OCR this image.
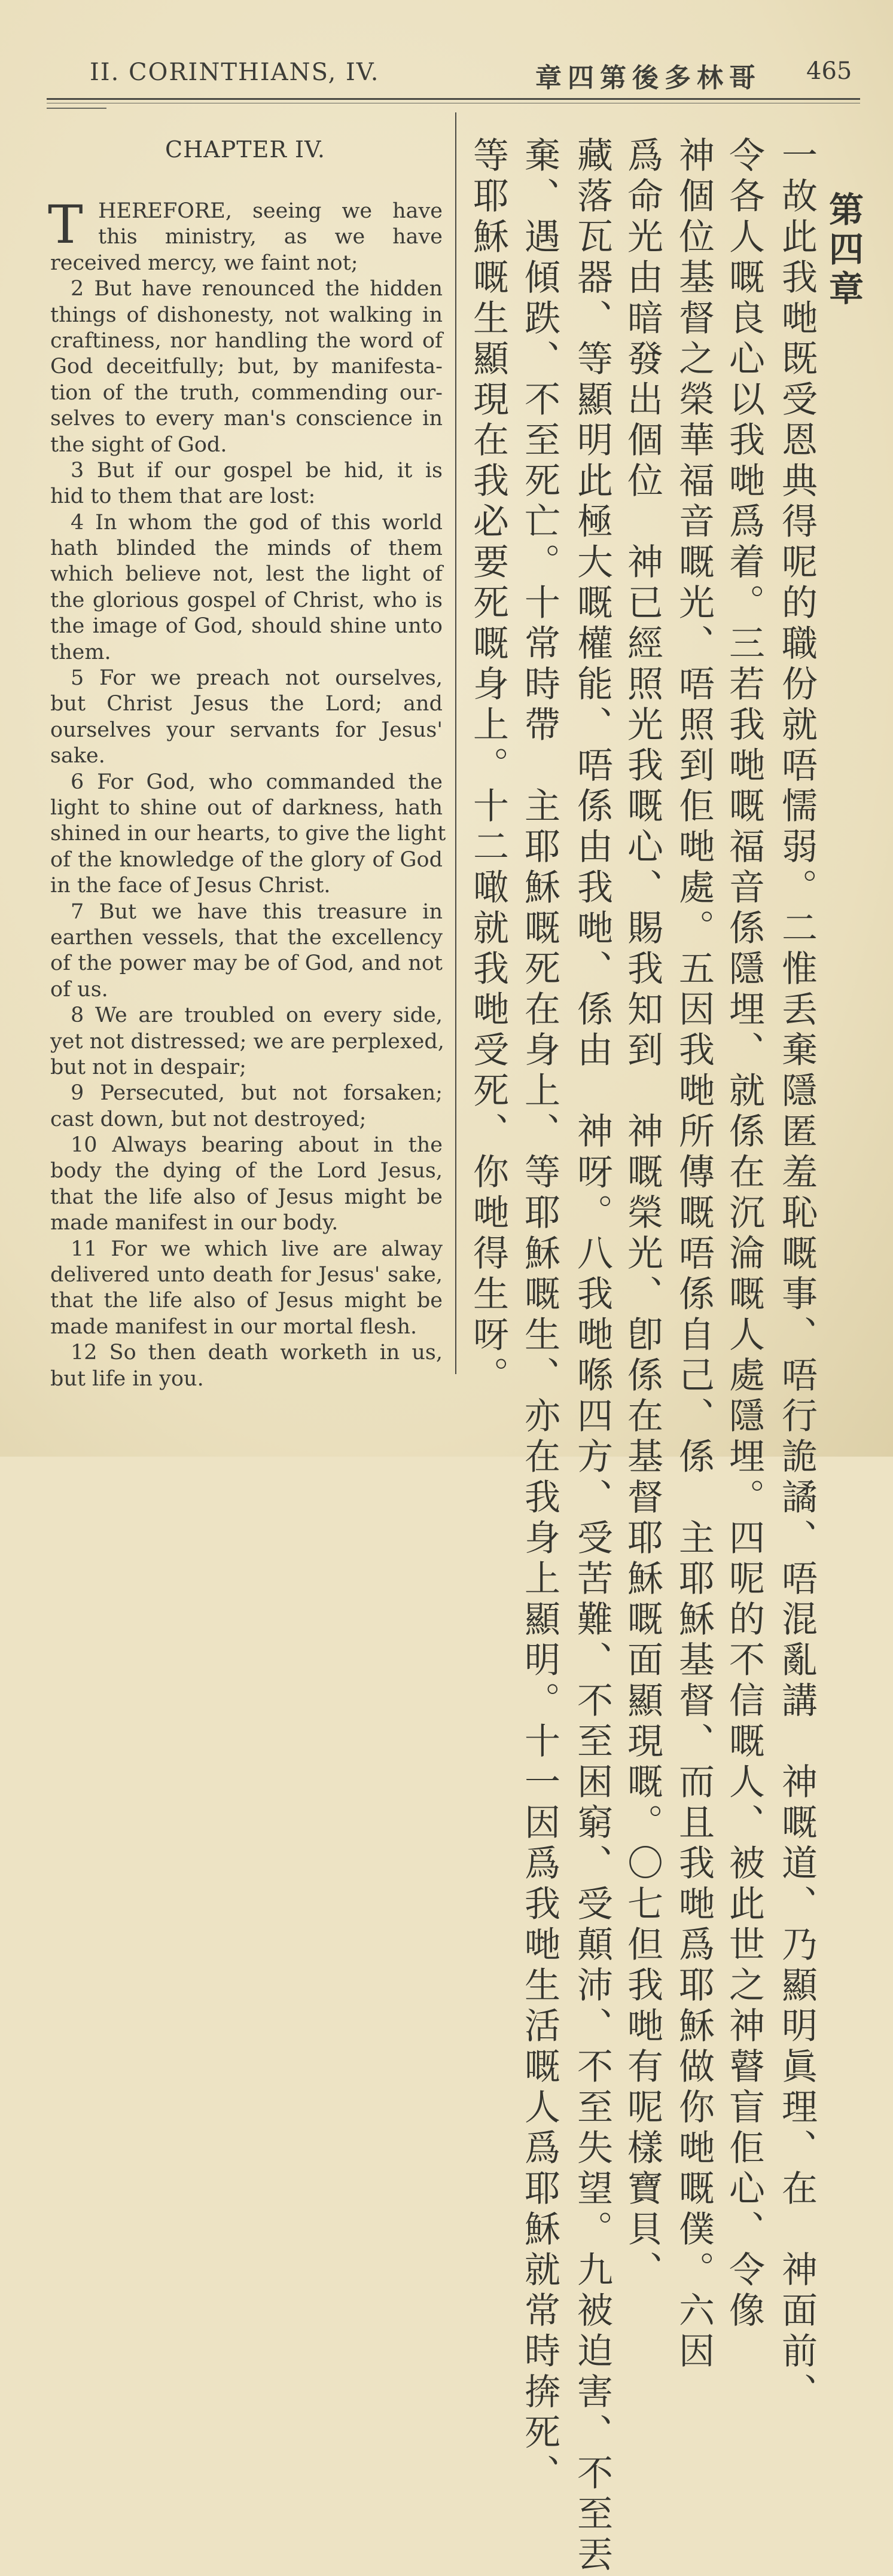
II. CORINTHIANS, IV.	哥林多後第四章 465
CHAPTER IV.
T HEREFORE, seeing we have
this ministry, as we have
received mercy, we faint not;
2 But have renounced the hidden
things of dishonesty, not walking in
craftiness, nor handling the word of
God deceitfully; but, by manifesta-
tion of the truth, commending our-
selves to every man's conscience in
the sight of God.
3 But if our gospel be hid, it is
hid to them that are lost:
4 In whom the god of this world
hath blinded the minds of them
which believe not, lest the light of
the glorious gospel of Christ, who is
the image of God, should shine unto
them.
5 For we preach not ourselves,
but Christ Jesus the Lord; and
ourselves your servants for Jesus'
sake.
6 For God, who commanded the
light to shine out of darkness, hath
shined in our hearts, to give the light
of the knowledge of the glory of God
in the face of Jesus Christ.
7 But we have this treasure in
earthen vessels, that the excellency
of the power may be of God, and not
of us.
8 We are troubled on every side,
yet not distressed; we are perplexed,
but not in despair;
9 Persecuted, but not forsaken;
cast down, but not destroyed;
10 Always bearing about in the
body the dying of the Lord Jesus,
that the life also of Jesus might be
made manifest in our body.
11 For we which live are alway
delivered unto death for Jesus' sake,
that the life also of Jesus might be
made manifest in our mortal flesh.
12 So then death worketh in us,
but life in you.
第四章
一故此我哋既受恩典得呢的職份就唔懦弱。二惟丢棄隱匿羞恥嘅事、唔行詭譎、唔混亂講　神嘅道、乃顯明眞理、在　神面前、
令各人嘅良心以我哋爲着。三若我哋嘅福音係隱埋、就係在沉淪嘅人處隱埋。四呢的不信嘅人、被此世之神瞽盲佢心、令像
神個位基督之榮華福音嘅光、唔照到佢哋處。五因我哋所傳嘅唔係自己、係　主耶穌基督、而且我哋爲耶穌做你哋嘅僕。六因
爲命光由暗發出個位　神已經照光我嘅心、賜我知到　神嘅榮光、卽係在基督耶穌嘅面顯現嘅。〇七但我哋有呢樣寶貝、
藏落瓦器、等顯明此極大嘅權能、唔係由我哋、係由　神呀。八我哋喺四方、受苦難、不至困窮、受顛沛、不至失望。九被迫害、不至丟
棄、遇傾跌、不至死亡。十常時帶　主耶穌嘅死在身上、等耶穌嘅生、亦在我身上顯明。十一因爲我哋生活嘅人爲耶穌就常時捹死、
等耶穌嘅生顯現在我必要死嘅身上。十二噉就我哋受死、你哋得生呀。
